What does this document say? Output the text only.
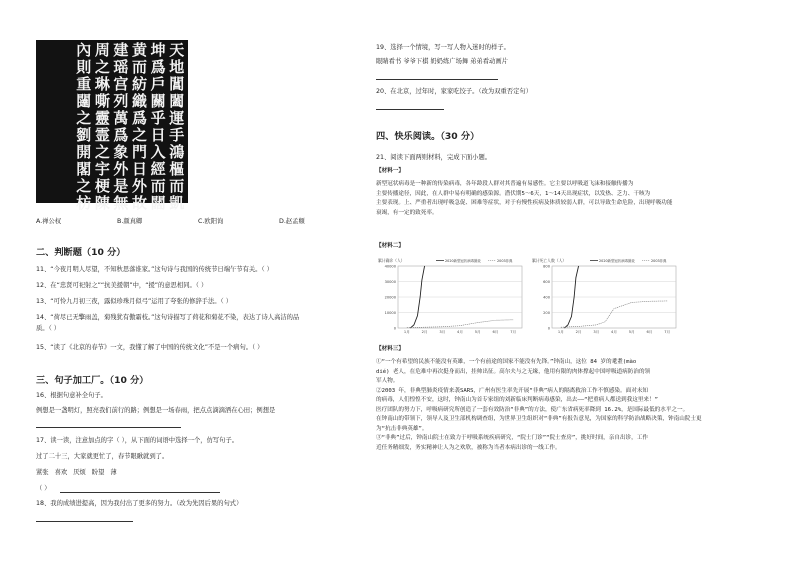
天
地
閶
闔
運
手
鴻
樞
而
凱
坤
爲
戶
關
乎
日
入
經
而
闊
黄
而
紡
織
爲
之
門
日
外
故
建
瑶
宫
列
萬
爲
象
外
是
無
周
之
琳
嘶
靈
霊
之
宇
梗
陳
內
則
重
闥
之
劉
開
閣
之
枋
A.禅公权	B.颜真卿	C.欧阳询	D.赵孟頫
二、判断题（10 分）
11、“今夜月明人尽望，不知秋思落谁家。”这句诗与我国的传统节日端午节有关。（ ）
12、在“忠贤可祀射之”“抗美援朝”中，“援”的意思相同。（ ）
13、“可怜九月初三夜，露似珍珠月似弓”运用了夸张的修辞手法。（ ）
14、“荷尽已无擎雨盖，菊残犹有傲霜枝。”这句诗描写了荷花和菊花不染，表达了诗人高洁的品
质。（ ）
15、“读了《北京的春节》一文，我懂了解了中国的传统文化”不是一个病句。（ ）
三、句子加工厂。（10 分）
16、根据句意补全句子。
例想是一盏明灯，照亮我们前行的路；例想是一场春雨，把点点滴滴洒在心田；例想是
17、读一读，注意加点的字（ ），从下面的词语中选择一个，仿写句子。
过了二十三，大家就更忙了，春节眼瞅就到了。
紧张 喜欢 厌烦 盼望 薄
（ ）
18、我的成绩进提高，因为我付出了更多的努力。（改为先因后果的句式）
19、选择一个情境，写一写人物入迷时的样子。
眼睛看书 爷爷下棋 奶奶练广场舞 弟弟看动画片
20、在北京，过年时，家家吃饺子。（改为双重否定句）
四、快乐阅读。（30 分）
21、阅读下面两则材料，完成下面小题。
【材料一】

新型冠状病毒是一种新的传染病毒，各年龄段人群对其普遍有易感性。它主要以呼吸道飞沫和接触传播为

主要传播途径，因此，在人群中易有明确的感染源。潜伏期5～6天，1～14天出现症状，以发热、乏力、干咳为

主要表现。上、严重者出现呼吸急促、困难等症状，对于有慢性疾病及体质较弱人群，可以导致生命危险，出现呼吸功能

衰竭，有一定的致死率。

【材料二】
0
10000
20000
30000
40000
1月	2月	3月	4月	5月	6月	7月
累计确诊（人）	2020新型冠状病毒肺炎	2003非典
0
200
400
600
800
1月	2月	3月	4月	5月	6月	7月
累计死亡人数（人）	2020新型冠状病毒肺炎	2003非典
【材料三】

①“一个有希望的民族不能没有英雄，一个有前途的国家不能没有先锋。”钟南山，这位 84 岁的耄耋(mào

dié) 老人，在危难中再次挺身而出，挂帅出征。高尔夫与之无缘，他用有限的肉体撑起中国呼吸道病防治的领

军人物。

②2003 年，非典型肺炎疫情来袭SARS，广州有医生率先开展“非典”病人的隔离救治工作不慎感染。面对未知

的病毒，人们惶惶不安，这时，钟南山为首专家组的刘新临床判断病毒感染，出去——“把重病人都送到我这里来！”

医疗团队的努力下，呼吸病研究所创造了一套有效防治“非典”的方法，使广东省病死率降到 16.2%，是国际最低的水平之一。

在钟南山的带领下，领导人及卫生部机构调查组，为世界卫生组织对“非典”有报告意见，为国家的科学防治战略决策，钟南山院士更

为“抗击非典英雄”。

③“非典”过后，钟南山院士在致力于呼吸系统疾病研究，“院士门诊”“院士查房”，挑好时间，亲自出诊，工作

近任务精细发，务实精神让人为之欢欣，被称为当者本病出诊的一线工作。
